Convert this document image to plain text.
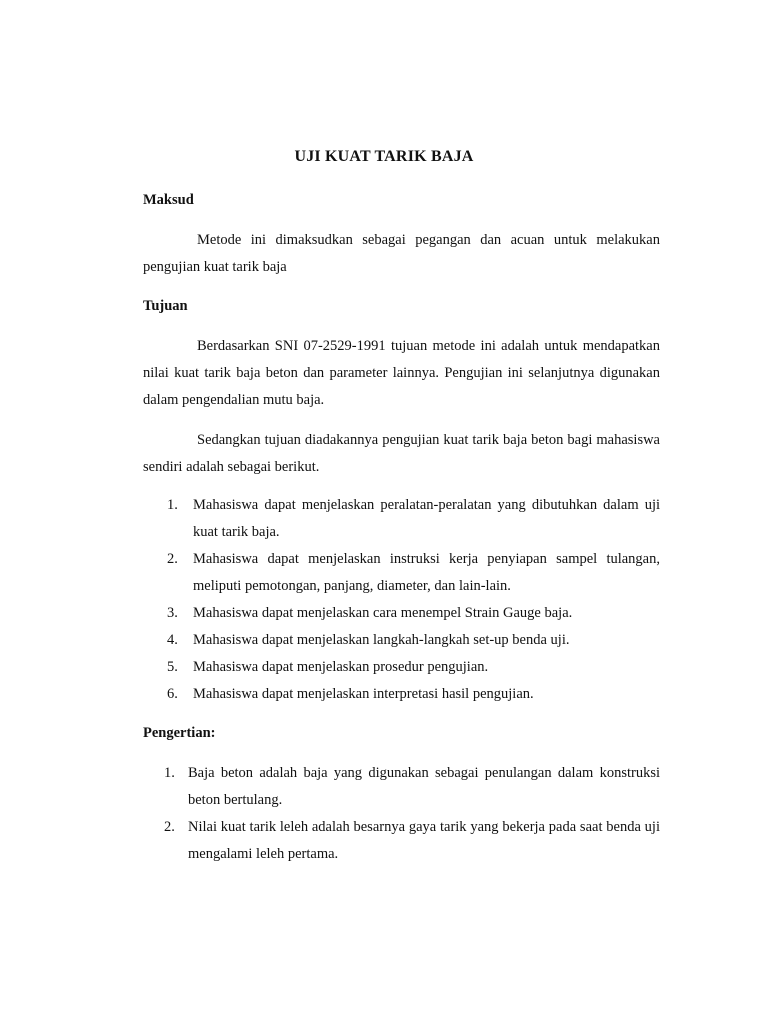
UJI KUAT TARIK BAJA
Maksud

Metode ini dimaksudkan sebagai pegangan dan acuan untuk melakukan pengujian kuat tarik baja

Tujuan

Berdasarkan SNI 07-2529-1991 tujuan metode ini adalah untuk mendapatkan nilai kuat tarik baja beton dan parameter lainnya. Pengujian ini selanjutnya digunakan dalam pengendalian mutu baja.

Sedangkan tujuan diadakannya pengujian kuat tarik baja beton bagi mahasiswa sendiri adalah sebagai berikut.

1. Mahasiswa dapat menjelaskan peralatan-peralatan yang dibutuhkan dalam uji kuat tarik baja.
2. Mahasiswa dapat menjelaskan instruksi kerja penyiapan sampel tulangan, meliputi pemotongan, panjang, diameter, dan lain-lain.
3. Mahasiswa dapat menjelaskan cara menempel Strain Gauge baja.
4. Mahasiswa dapat menjelaskan langkah-langkah set-up benda uji.
5. Mahasiswa dapat menjelaskan prosedur pengujian.
6. Mahasiswa dapat menjelaskan interpretasi hasil pengujian.
Pengertian:
1. Baja beton adalah baja yang digunakan sebagai penulangan dalam konstruksi beton bertulang.
2. Nilai kuat tarik leleh adalah besarnya gaya tarik yang bekerja pada saat benda uji mengalami leleh pertama.
